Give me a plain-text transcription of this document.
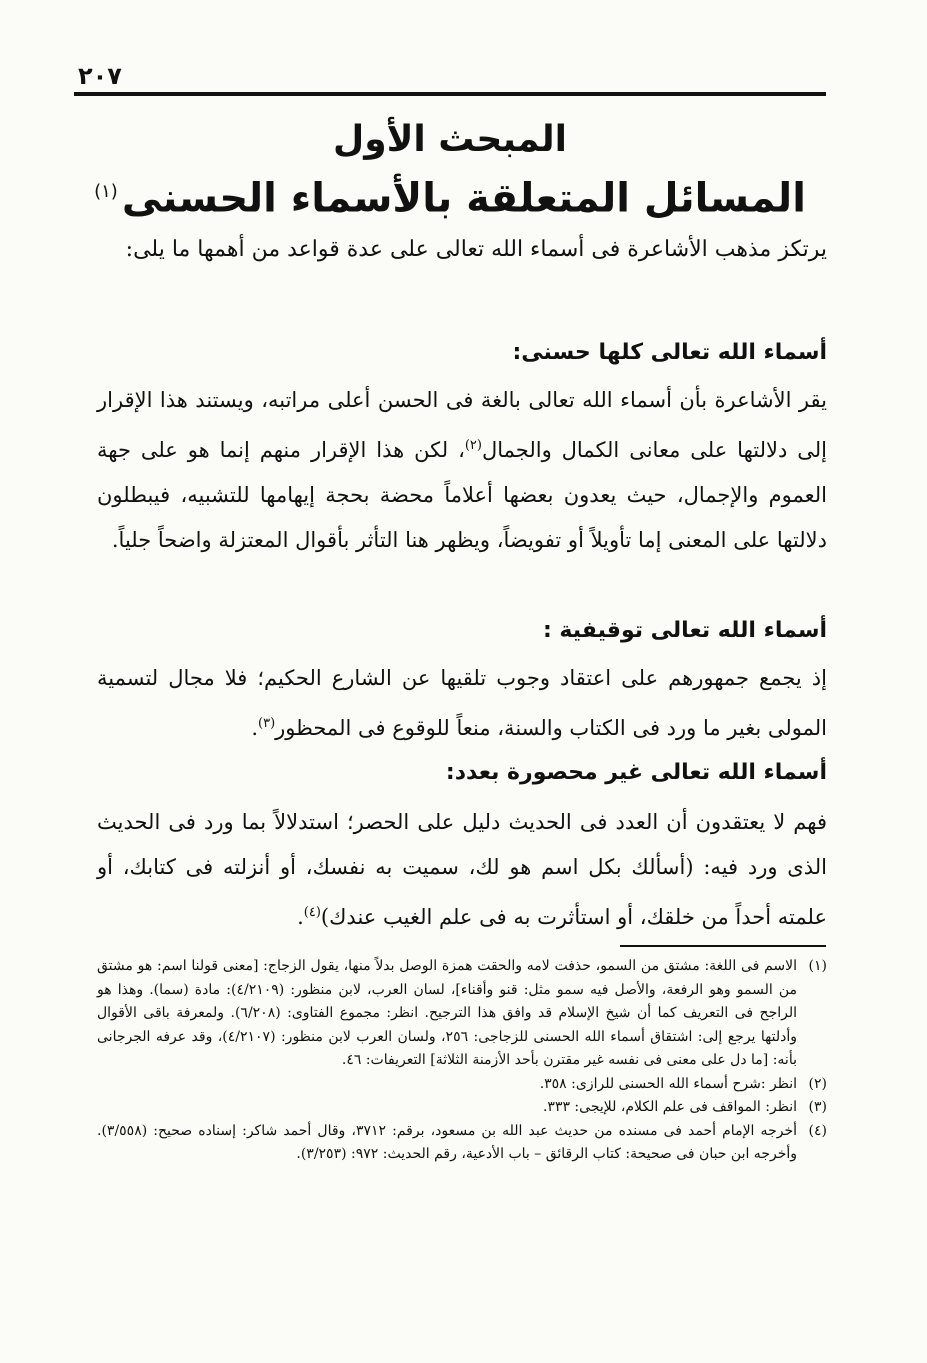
٢٠٧
المبحث الأول
المسائل المتعلقة بالأسماء الحسنى$^{(١)}$
يرتكز مذهب الأشاعرة فى أسماء الله تعالى على عدة قواعد من أهمها ما يلى:
أسماء الله تعالى كلها حسنى:
يقر الأشاعرة بأن أسماء الله تعالى بالغة فى الحسن أعلى مراتبه، ويستند هذا الإقرار إلى دلالتها على معانى الكمال والجمال$^{(٢)}$، لكن هذا الإقرار منهم إنما هو على جهة العموم والإجمال، حيث يعدون بعضها أعلاماً محضة بحجة إيهامها للتشبيه، فيبطلون دلالتها على المعنى إما تأويلاً أو تفويضاً، ويظهر هنا التأثر بأقوال المعتزلة واضحاً جلياً.
أسماء الله تعالى توقيفية :
إذ يجمع جمهورهم على اعتقاد وجوب تلقيها عن الشارع الحكيم؛ فلا مجال لتسمية المولى بغير ما ورد فى الكتاب والسنة، منعاً للوقوع فى المحظور$^{(٣)}$.
أسماء الله تعالى غير محصورة بعدد:
فهم لا يعتقدون أن العدد فى الحديث دليل على الحصر؛ استدلالاً بما ورد فى الحديث الذى ورد فيه: (أسألك بكل اسم هو لك، سميت به نفسك، أو أنزلته فى كتابك، أو علمته أحداً من خلقك، أو استأثرت به فى علم الغيب عندك)$^{(٤)}$.

(١)
الاسم فى اللغة: مشتق من السمو، حذفت لامه والحقت همزة الوصل بدلاً منها، يقول الزجاج: [معنى قولنا اسم: هو مشتق من السمو وهو الرفعة، والأصل فيه سمو مثل: قنو وأقناء]، لسان العرب، لابن منظور: (٤/٢١٠٩): مادة (سما). وهذا هو الراجح فى التعريف كما أن شيخ الإسلام قد وافق هذا الترجيح. انظر: مجموع الفتاوى: (٦/٢٠٨). ولمعرفة باقى الأقوال وأدلتها يرجع إلى: اشتقاق أسماء الله الحسنى للزجاجى: ٢٥٦، ولسان العرب لابن منظور: (٤/٢١٠٧)، وقد عرفه الجرجانى بأنه: [ما دل على معنى فى نفسه غير مقترن بأحد الأزمنة الثلاثة] التعريفات: ٤٦.

(٢)
انظر :شرح أسماء الله الحسنى للرازى: ٣٥٨.

(٣)
انظر: المواقف فى علم الكلام، للإيجى: ٣٣٣.

(٤)
أخرجه الإمام أحمد فى مسنده من حديث عبد الله بن مسعود، برقم: ٣٧١٢، وقال أحمد شاكر: إسناده صحيح: (٣/٥٥٨). وأخرجه ابن حبان فى صحيحة: كتاب الرقائق – باب الأدعية، رقم الحديث: ٩٧٢: (٣/٢٥٣).
